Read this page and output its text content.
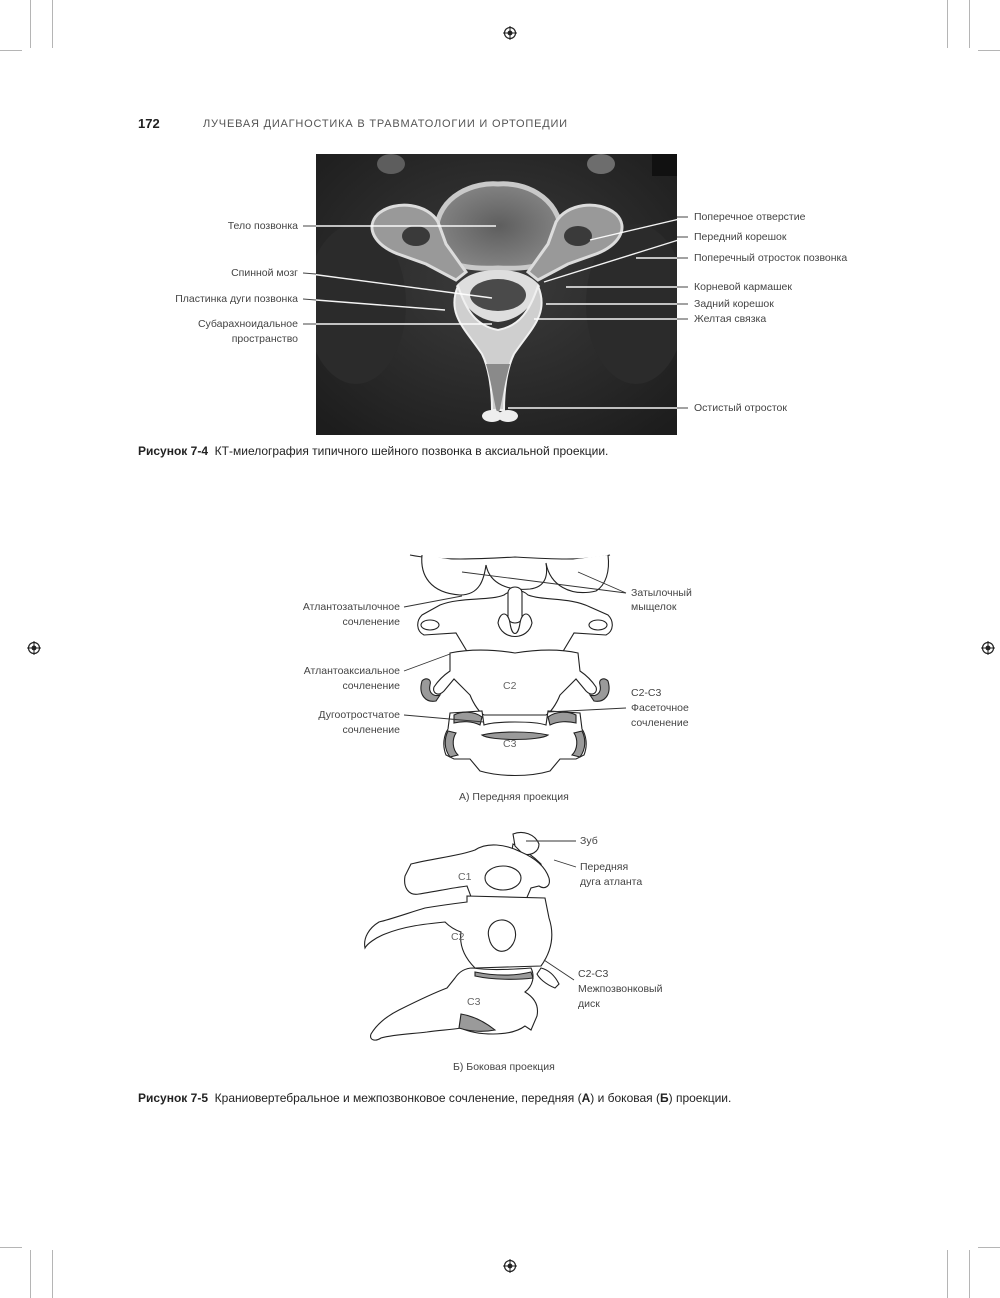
172	ЛУЧЕВАЯ ДИАГНОСТИКА В ТРАВМАТОЛОГИИ И ОРТОПЕДИИ
Тело позвонка
Спинной мозг
Пластинка дуги позвонка
Субарахноидальное
пространство
Поперечное отверстие
Передний корешок
Поперечный отросток позвонка
Корневой кармашек
Задний корешок
Желтая связка
Остистый отросток
Рисунок 7-4 КТ-миелография типичного шейного позвонка в аксиальной проекции.
Атлантозатылочное
сочленение
Атлантоаксиальное
сочленение
Дугоотростчатое
сочленение
Затылочный
мыщелок
С2-С3
Фасеточное
сочленение
С2
С3
А) Передняя проекция
Зуб
Передняя
дуга атланта
С2-С3
Межпозвонковый
диск
С1
С2
С3
Б) Боковая проекция
Рисунок 7-5 Краниовертебральное и межпозвонковое сочленение, передняя (А) и боковая (Б) проекции.
